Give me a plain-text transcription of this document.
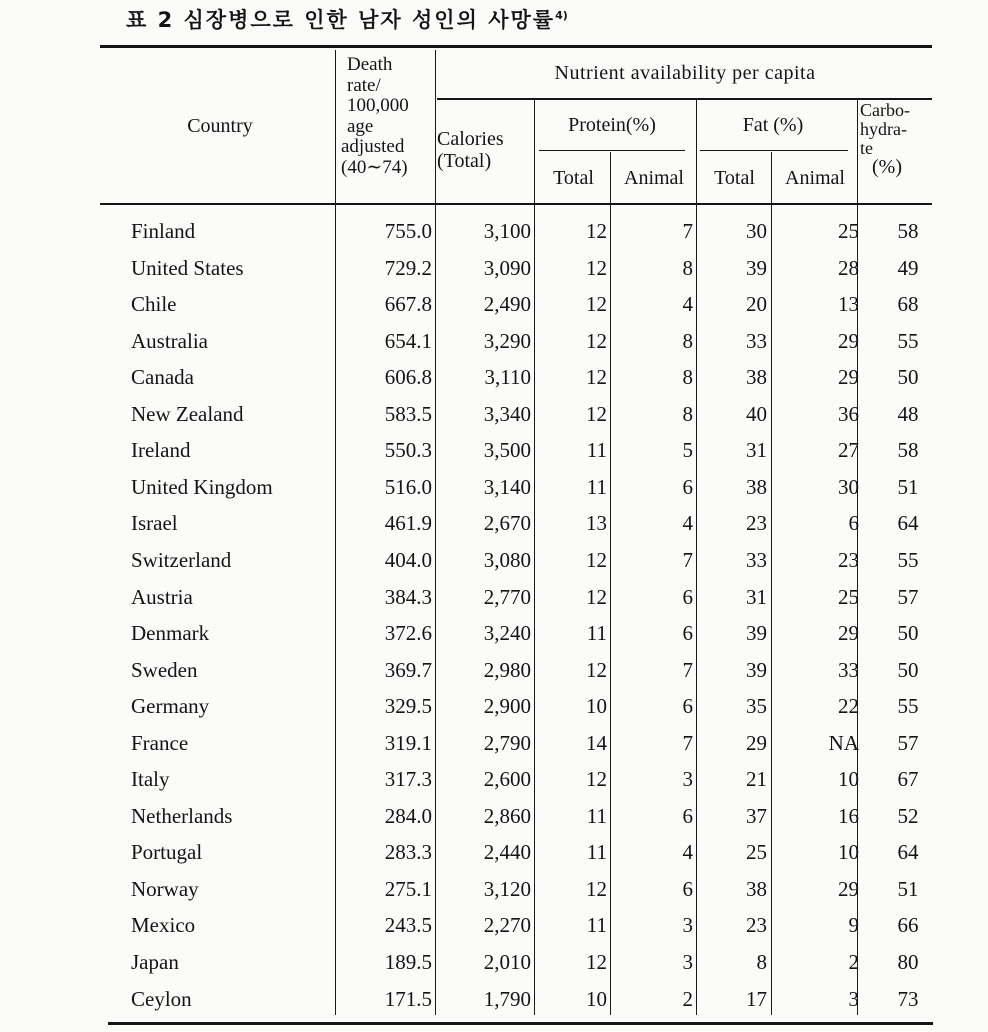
표 2 심장병으로 인한 남자 성인의 사망률$^{4)}$
Country
Death
rate/
100,000
age
adjusted
(40∼74)
Nutrient availability per capita
Calories
(Total)
Protein(%)	Fat (%)
Total	Animal	Total	Animal
Carbo-
hydra-
te
(%)
Finland	755.0	3,100	12	7	30	25	58
United States	729.2	3,090	12	8	39	28	49
Chile	667.8	2,490	12	4	20	13	68
Australia	654.1	3,290	12	8	33	29	55
Canada	606.8	3,110	12	8	38	29	50
New Zealand	583.5	3,340	12	8	40	36	48
Ireland	550.3	3,500	11	5	31	27	58
United Kingdom	516.0	3,140	11	6	38	30	51
Israel	461.9	2,670	13	4	23	6	64
Switzerland	404.0	3,080	12	7	33	23	55
Austria	384.3	2,770	12	6	31	25	57
Denmark	372.6	3,240	11	6	39	29	50
Sweden	369.7	2,980	12	7	39	33	50
Germany	329.5	2,900	10	6	35	22	55
France	319.1	2,790	14	7	29	NA	57
Italy	317.3	2,600	12	3	21	10	67
Netherlands	284.0	2,860	11	6	37	16	52
Portugal	283.3	2,440	11	4	25	10	64
Norway	275.1	3,120	12	6	38	29	51
Mexico	243.5	2,270	11	3	23	9	66
Japan	189.5	2,010	12	3	8	2	80
Ceylon	171.5	1,790	10	2	17	3	73
